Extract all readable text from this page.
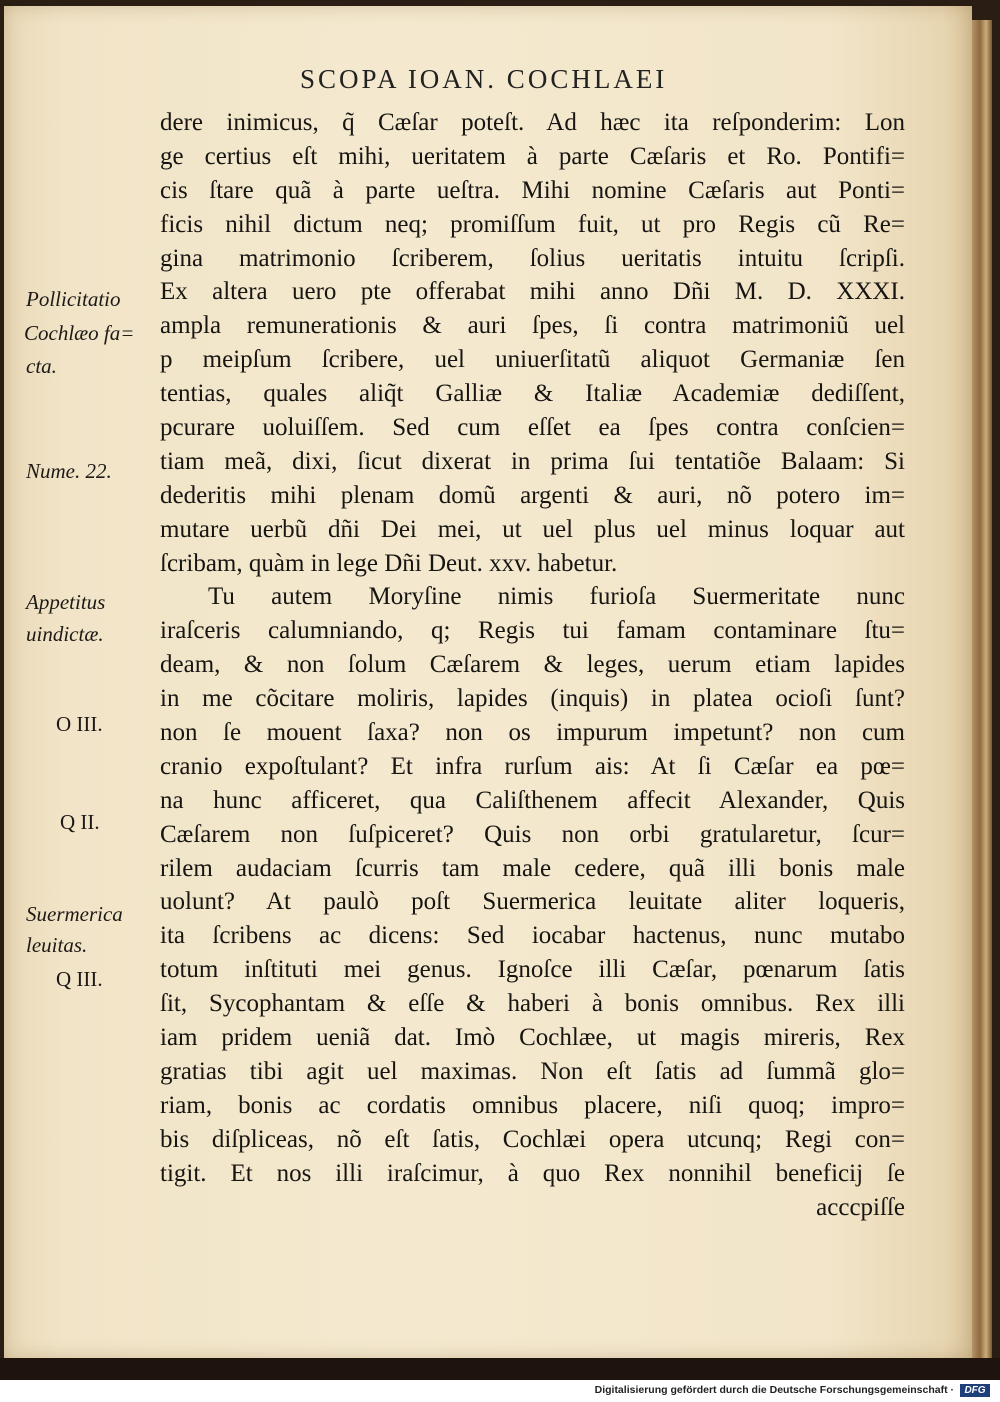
SCOPA IOAN. COCHLAEI
dere inimicus, q̃ Cæſar poteſt. Ad hæc ita reſponderim: Lon
ge certius eſt mihi, ueritatem à parte Cæſaris et Ro. Pontifi=
cis ſtare quã à parte ueſtra. Mihi nomine Cæſaris aut Ponti=
ficis nihil dictum neq; promiſſum fuit, ut pro Regis cũ Re=
gina matrimonio ſcriberem, ſolius ueritatis intuitu ſcripſi.
Ex altera uero pte offerabat mihi anno Dñi M. D. XXXI.
ampla remunerationis & auri ſpes, ſi contra matrimoniũ uel
p meipſum ſcribere, uel uniuerſitatũ aliquot Germaniæ ſen
tentias, quales aliq̃t Galliæ & Italiæ Academiæ dediſſent,
pcurare uoluiſſem. Sed cum eſſet ea ſpes contra conſcien=
tiam meã, dixi, ſicut dixerat in prima ſui tentatiõe Balaam: Si
dederitis mihi plenam domũ argenti & auri, nõ potero im=
mutare uerbũ dñi Dei mei, ut uel plus uel minus loquar aut
ſcribam, quàm in lege Dñi Deut. xxv. habetur.
Tu autem Moryſine nimis furioſa Suermeritate nunc
iraſceris calumniando, q; Regis tui famam contaminare ſtu=
deam, & non ſolum Cæſarem & leges, uerum etiam lapides
in me cõcitare moliris, lapides (inquis) in platea ocioſi ſunt?
non ſe mouent ſaxa? non os impurum impetunt? non cum
cranio expoſtulant? Et infra rurſum ais: At ſi Cæſar ea pœ=
na hunc afficeret, qua Caliſthenem affecit Alexander, Quis
Cæſarem non ſuſpiceret? Quis non orbi gratularetur, ſcur=
rilem audaciam ſcurris tam male cedere, quã illi bonis male
uolunt? At paulò poſt Suermerica leuitate aliter loqueris,
ita ſcribens ac dicens: Sed iocabar hactenus, nunc mutabo
totum inſtituti mei genus. Ignoſce illi Cæſar, pœnarum ſatis
ſit, Sycophantam & eſſe & haberi à bonis omnibus. Rex illi
iam pridem ueniã dat. Imò Cochlæe, ut magis mireris, Rex
gratias tibi agit uel maximas. Non eſt ſatis ad ſummã glo=
riam, bonis ac cordatis omnibus placere, niſi quoq; impro=
bis diſpliceas, nõ eſt ſatis, Cochlæi opera utcunq; Regi con=
tigit. Et nos illi iraſcimur, à quo Rex nonnihil beneficij ſe
acccpiſſe
Pollicitatio
Cochlæo fa=
cta.
Nume. 22.
Appetitus
uindictæ.
O III.
Q II.
Suermerica
leuitas.
Q III.
Digitalisierung gefördert durch die Deutsche Forschungsgemeinschaft ·	DFG
